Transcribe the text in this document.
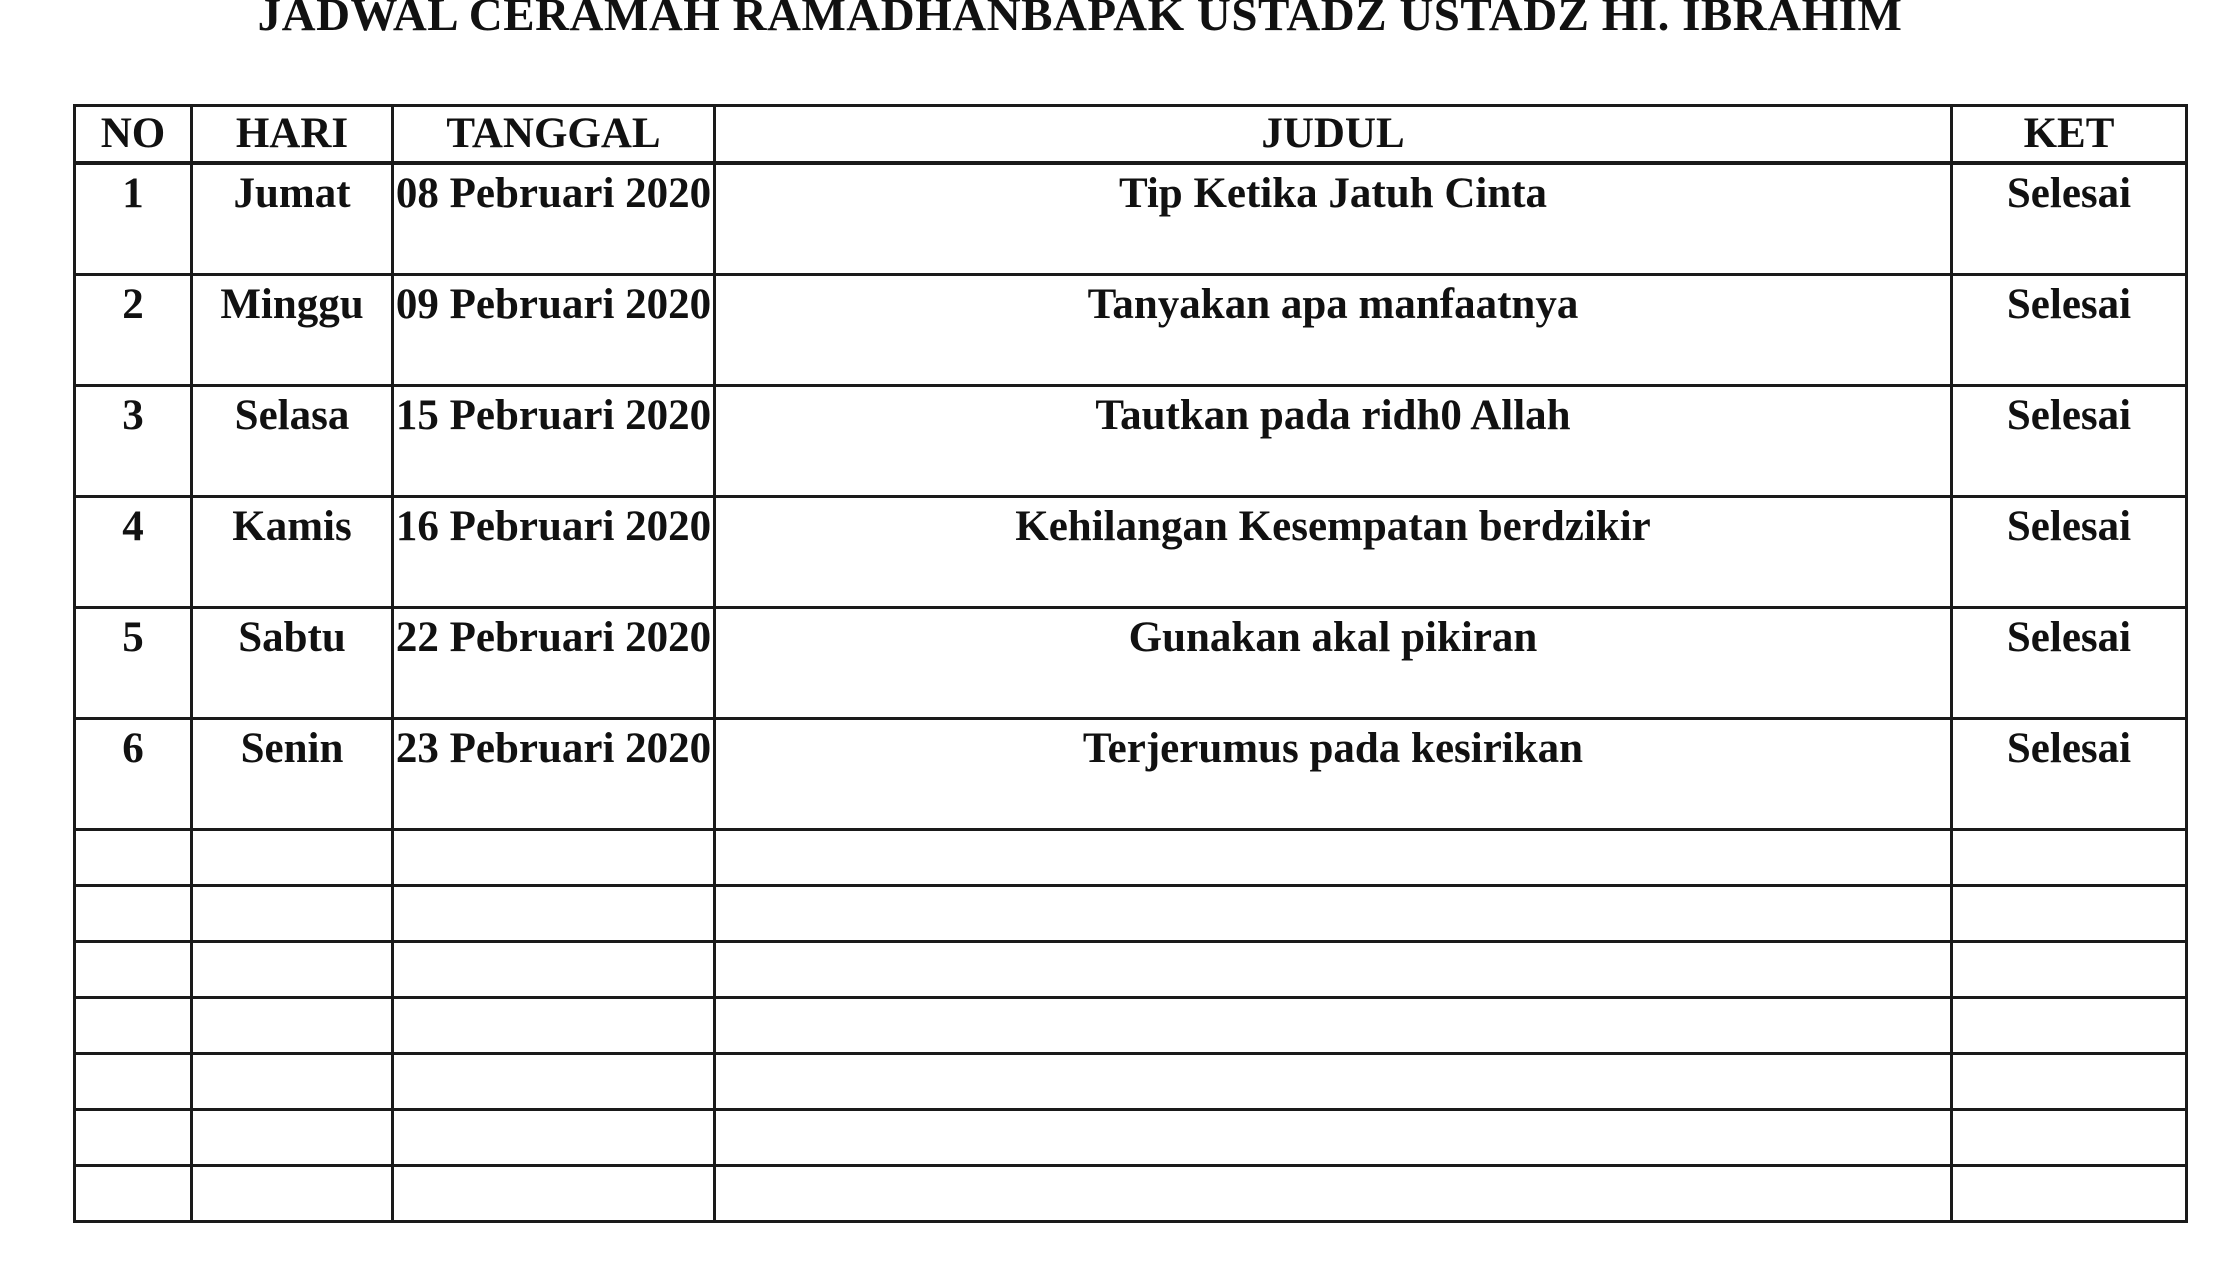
JADWAL CERAMAH RAMADHANBAPAK USTADZ USTADZ HI. IBRAHIM
NO	HARI	TANGGAL	JUDUL	KET
1	Jumat	08 Pebruari 2020	Tip Ketika Jatuh Cinta	Selesai
2	Minggu	09 Pebruari 2020	Tanyakan apa manfaatnya	Selesai
3	Selasa	15 Pebruari 2020	Tautkan pada ridh0 Allah	Selesai
4	Kamis	16 Pebruari 2020	Kehilangan Kesempatan berdzikir	Selesai
5	Sabtu	22 Pebruari 2020	Gunakan akal pikiran	Selesai
6	Senin	23 Pebruari 2020	Terjerumus pada kesirikan	Selesai
